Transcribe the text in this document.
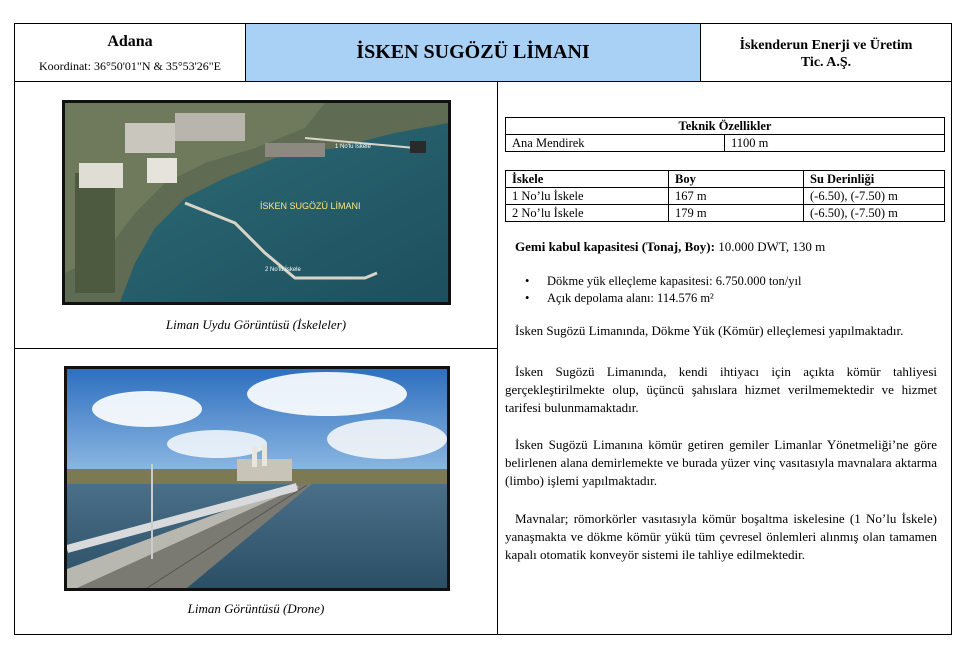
Adana
Koordinat: 36°50'01"N & 35°53'26"E
İSKEN SUGÖZÜ LİMANI	İskenderun Enerji ve Üretim
Tic. A.Ş.
İSKEN SUGÖZÜ LİMANI
1 No'lu İskele
2 No'lu İskele
Liman Uydu Görüntüsü (İskeleler)
Liman Görüntüsü (Drone)
Teknik Özellikler
Ana Mendirek	1100 m
İskele	Boy	Su Derinliği
1 No’lu İskele	167 m	(-6.50), (-7.50) m
2 No’lu İskele	179 m	(-6.50), (-7.50) m
Gemi kabul kapasitesi (Tonaj, Boy): 10.000 DWT, 130 m
• Dökme yük elleçleme kapasitesi: 6.750.000 ton/yıl
• Açık depolama alanı: 114.576 m²
İsken Sugözü Limanında, Dökme Yük (Kömür) elleçlemesi yapılmaktadır.
İsken Sugözü Limanında, kendi ihtiyacı için açıkta kömür tahliyesi gerçekleştirilmekte olup, üçüncü şahıslara hizmet verilmemektedir ve hizmet tarifesi bulunmamaktadır.
İsken Sugözü Limanına kömür getiren gemiler Limanlar Yönetmeliği’ne göre belirlenen alana demirlemekte ve burada yüzer vinç vasıtasıyla mavnalara aktarma (limbo) işlemi yapılmaktadır.
Mavnalar; römorkörler vasıtasıyla kömür boşaltma iskelesine (1 No’lu İskele) yanaşmakta ve dökme kömür yükü tüm çevresel önlemleri alınmış olan tamamen kapalı otomatik konveyör sistemi ile tahliye edilmektedir.
